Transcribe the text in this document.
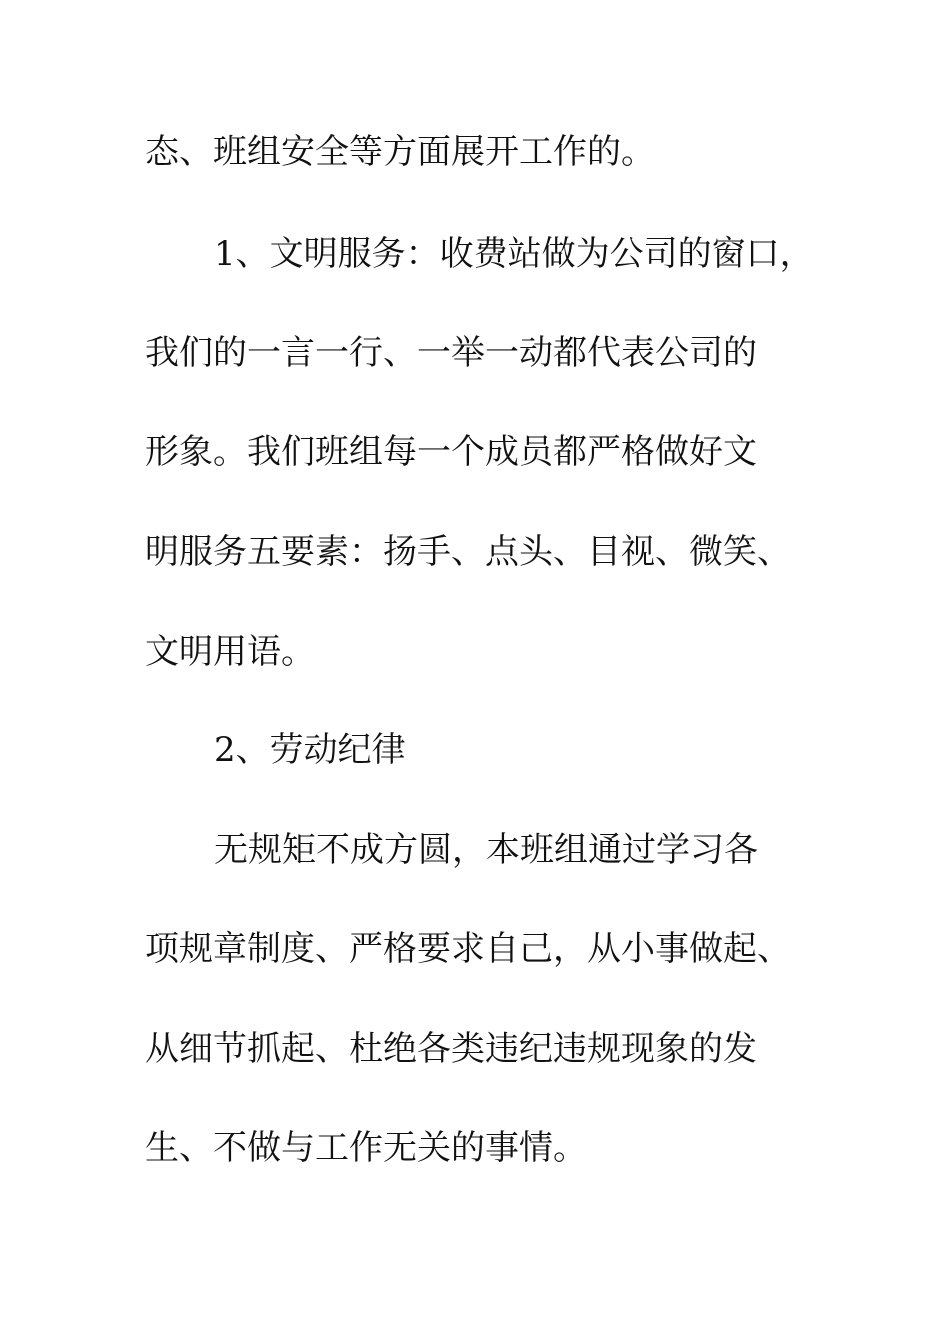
态、班组安全等方面展开工作的。
1、文明服务：收费站做为公司的窗口，
我们的一言一行、一举一动都代表公司的
形象。我们班组每一个成员都严格做好文
明服务五要素：扬手、点头、目视、微笑、
文明用语。
2、劳动纪律
无规矩不成方圆，本班组通过学习各
项规章制度、严格要求自己，从小事做起、
从细节抓起、杜绝各类违纪违规现象的发
生、不做与工作无关的事情。
